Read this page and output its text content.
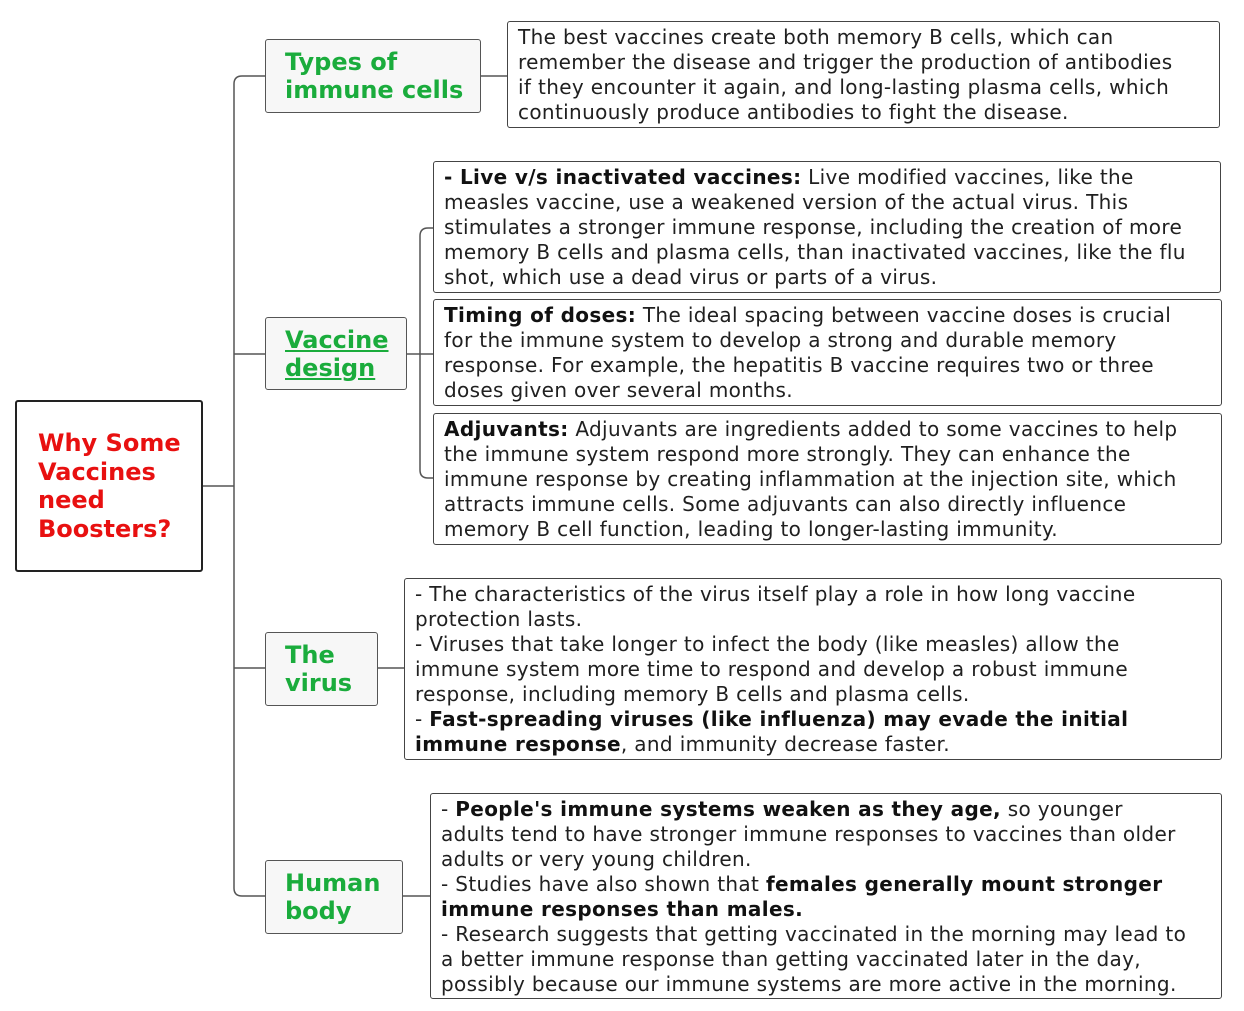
Why Some
Vaccines
need
Boosters?
Types of
immune cells
The best vaccines create both memory B cells, which can
remember the disease and trigger the production of antibodies
if they encounter it again, and long-lasting plasma cells, which
continuously produce antibodies to fight the disease.
Vaccine
design
- Live v/s inactivated vaccines: Live modified vaccines, like the
measles vaccine, use a weakened version of the actual virus. This
stimulates a stronger immune response, including the creation of more
memory B cells and plasma cells, than inactivated vaccines, like the flu
shot, which use a dead virus or parts of a virus.
Timing of doses: The ideal spacing between vaccine doses is crucial
for the immune system to develop a strong and durable memory
response. For example, the hepatitis B vaccine requires two or three
doses given over several months.
Adjuvants: Adjuvants are ingredients added to some vaccines to help
the immune system respond more strongly. They can enhance the
immune response by creating inflammation at the injection site, which
attracts immune cells. Some adjuvants can also directly influence
memory B cell function, leading to longer-lasting immunity.
The
virus
- The characteristics of the virus itself play a role in how long vaccine
protection lasts.
- Viruses that take longer to infect the body (like measles) allow the
immune system more time to respond and develop a robust immune
response, including memory B cells and plasma cells.
- Fast-spreading viruses (like influenza) may evade the initial
immune response, and immunity decrease faster.
Human
body
- People's immune systems weaken as they age, so younger
adults tend to have stronger immune responses to vaccines than older
adults or very young children.
- Studies have also shown that females generally mount stronger
immune responses than males.
- Research suggests that getting vaccinated in the morning may lead to
a better immune response than getting vaccinated later in the day,
possibly because our immune systems are more active in the morning.
